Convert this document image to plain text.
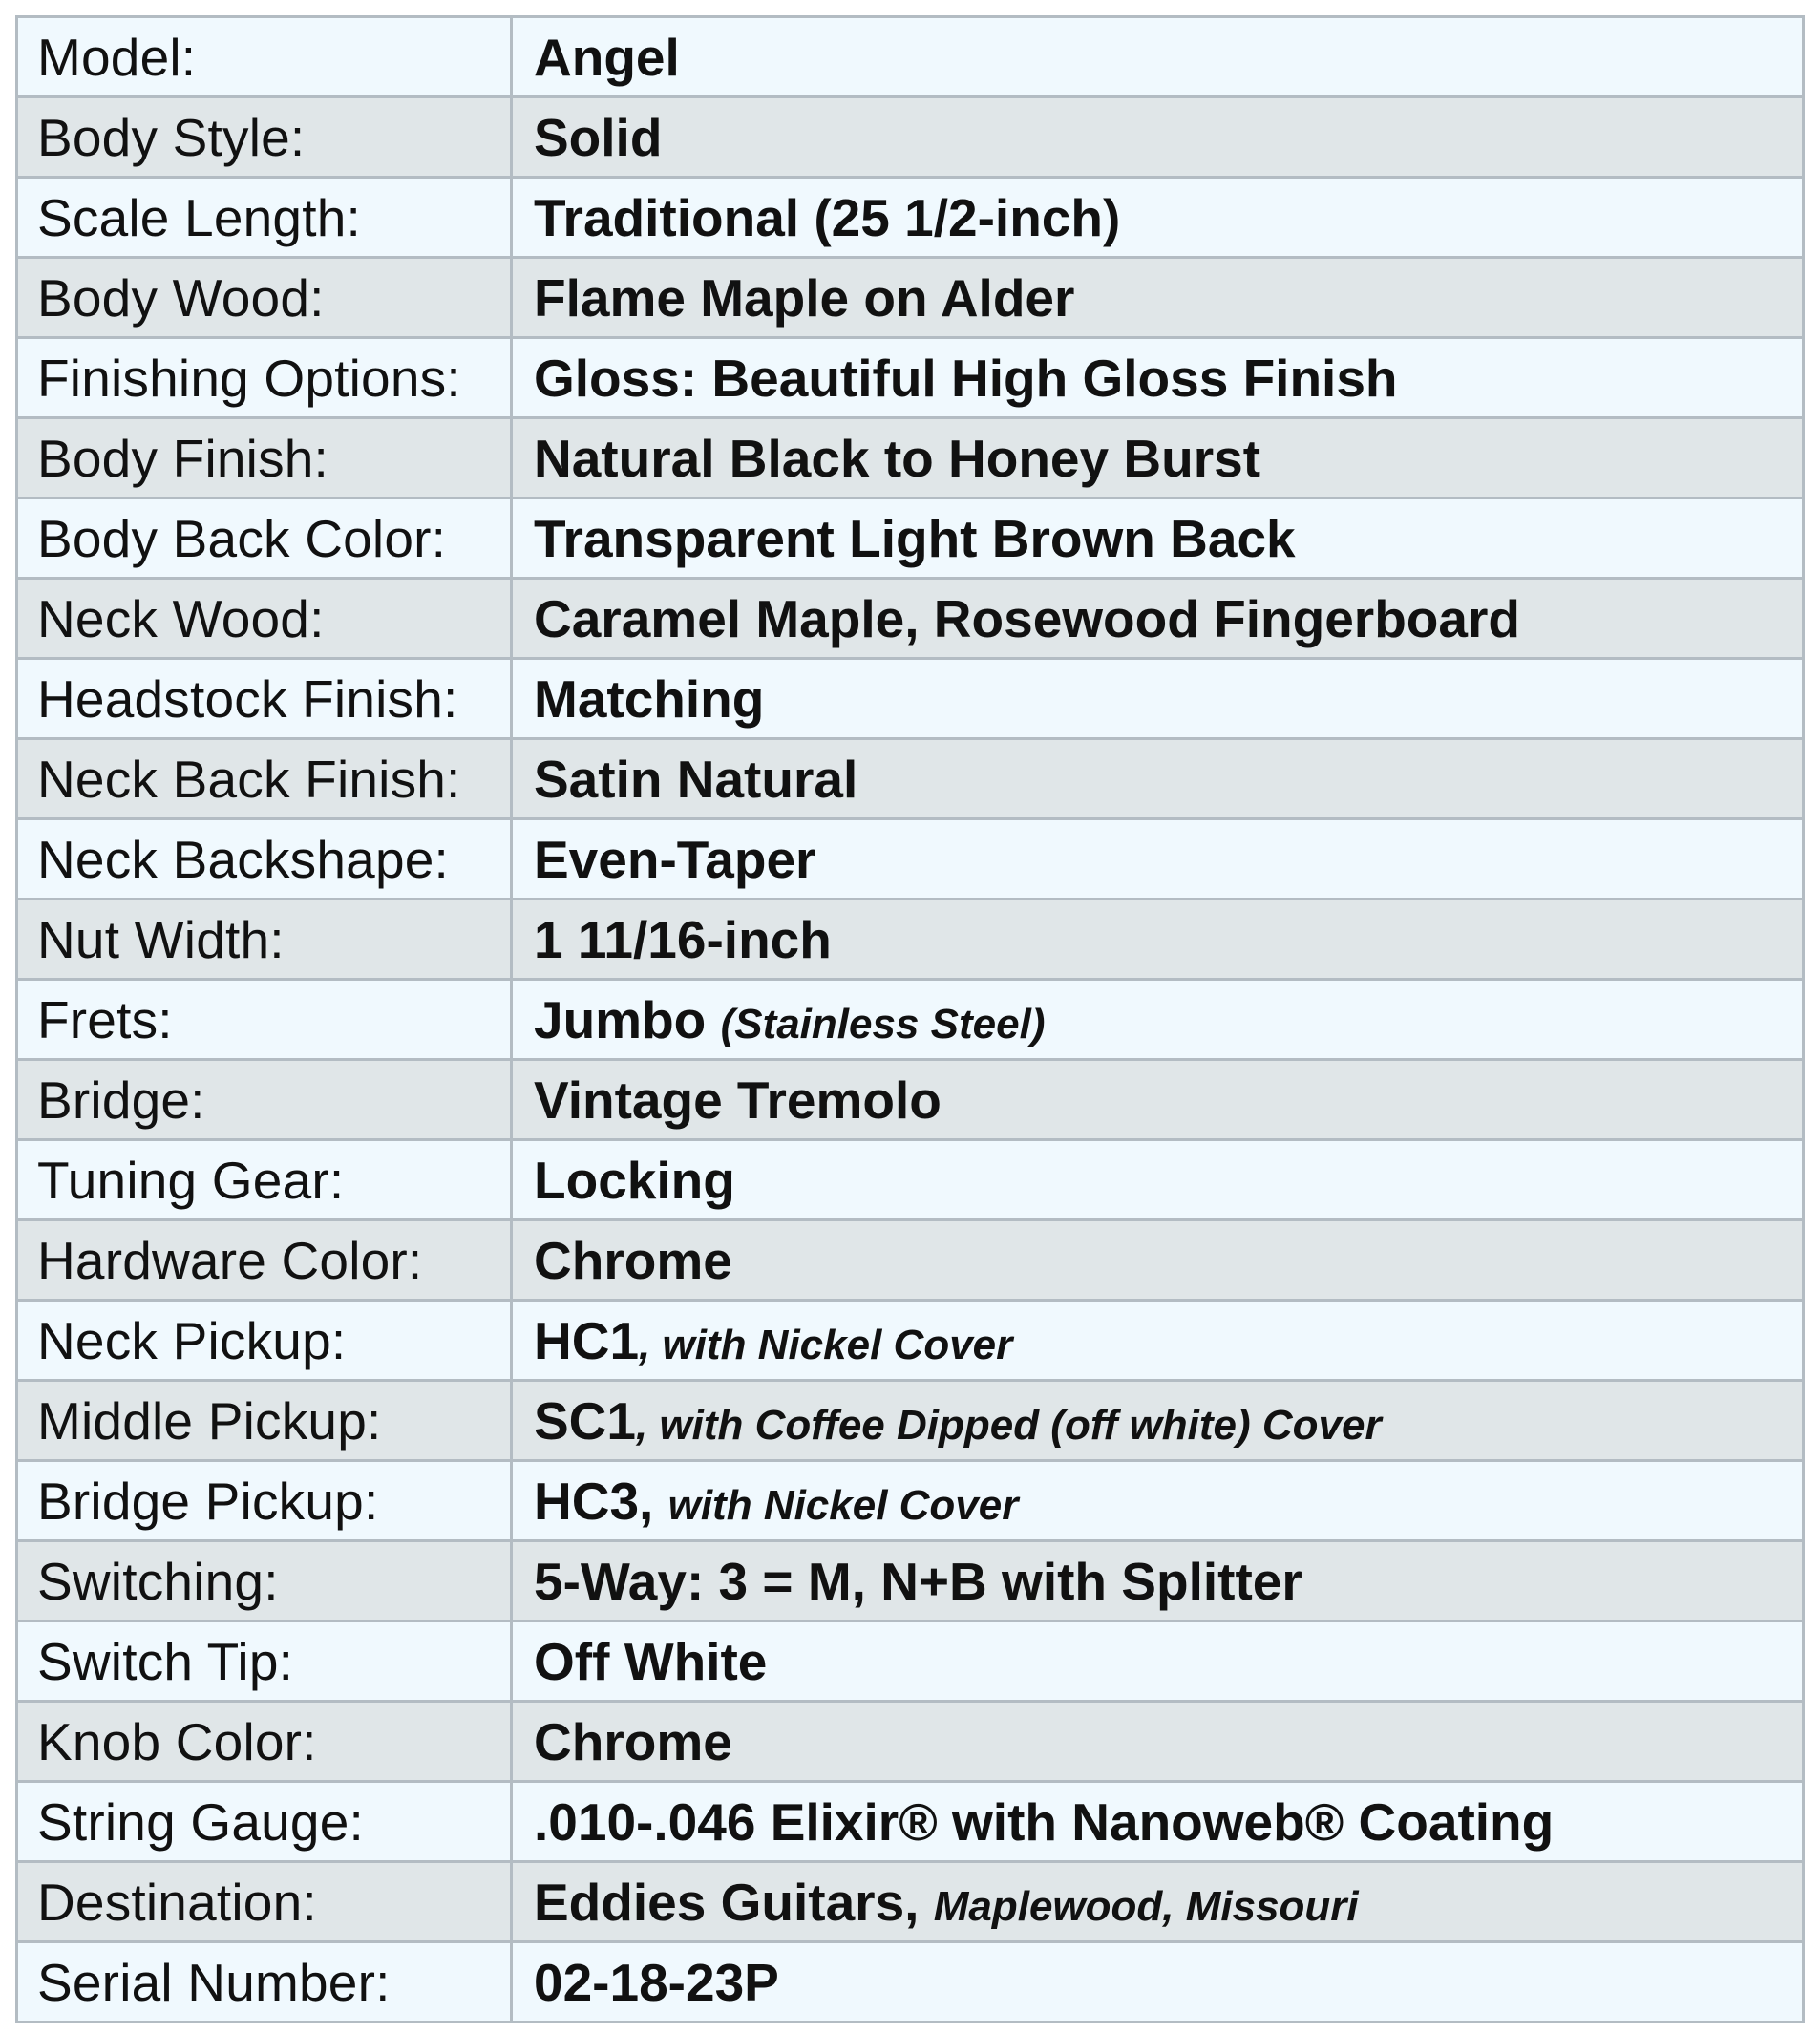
Model:	Angel
Body Style:	Solid
Scale Length:	Traditional (25 1/2-inch)
Body Wood:	Flame Maple on Alder
Finishing Options:	Gloss: Beautiful High Gloss Finish
Body Finish:	Natural Black to Honey Burst
Body Back Color:	Transparent Light Brown Back
Neck Wood:	Caramel Maple, Rosewood Fingerboard
Headstock Finish:	Matching
Neck Back Finish:	Satin Natural
Neck Backshape:	Even-Taper
Nut Width:	1 11/16-inch
Frets:	Jumbo (Stainless Steel)
Bridge:	Vintage Tremolo
Tuning Gear:	Locking
Hardware Color:	Chrome
Neck Pickup:	HC1, with Nickel Cover
Middle Pickup:	SC1, with Coffee Dipped (off white) Cover
Bridge Pickup:	HC3, with Nickel Cover
Switching:	5-Way: 3 = M, N+B with Splitter
Switch Tip:	Off White
Knob Color:	Chrome
String Gauge:	.010-.046 Elixir® with Nanoweb® Coating
Destination:	Eddies Guitars, Maplewood, Missouri
Serial Number:	02-18-23P
